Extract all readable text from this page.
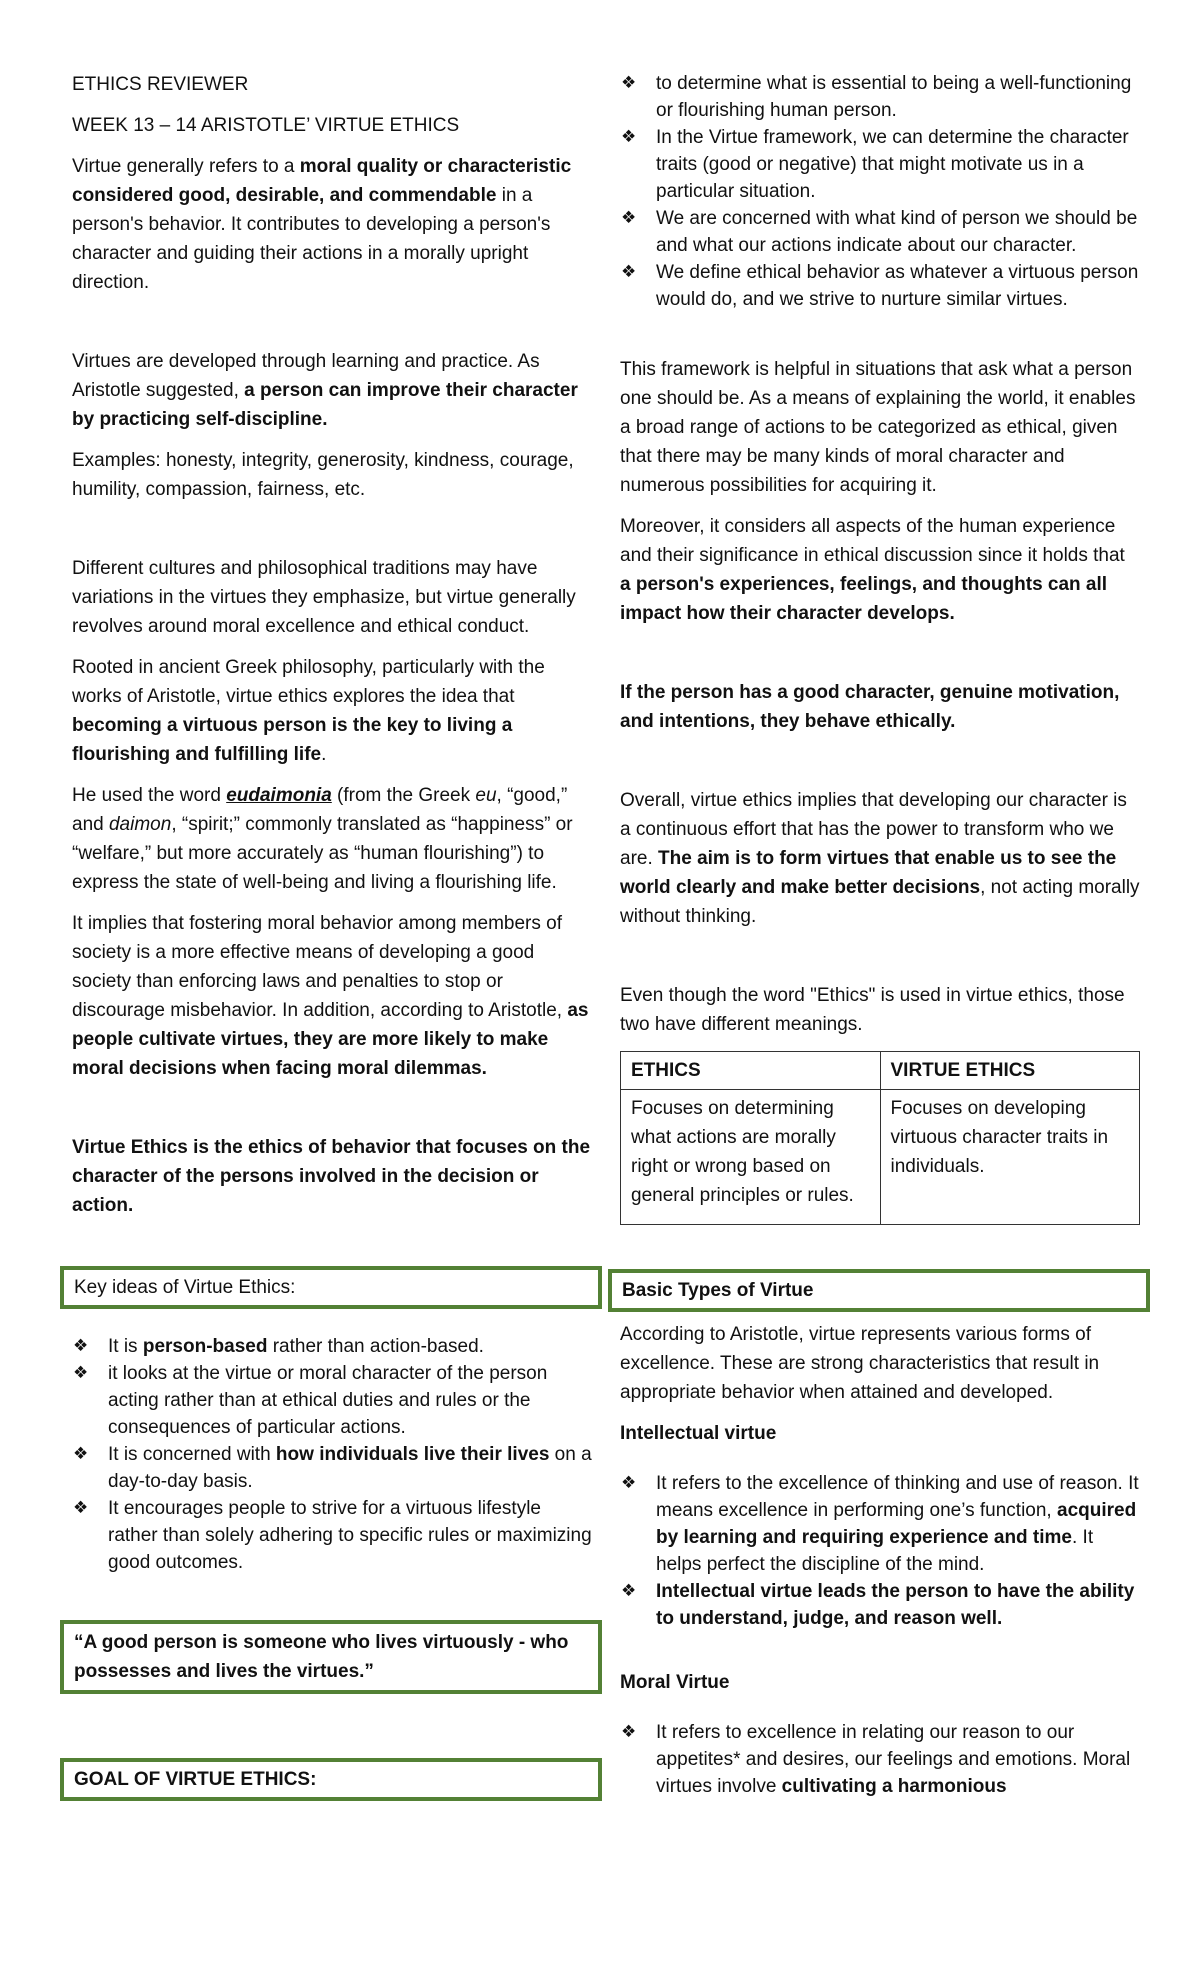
ETHICS REVIEWER

WEEK 13 – 14 ARISTOTLE’ VIRTUE ETHICS

Virtue generally refers to a moral quality or characteristic considered good, desirable, and commendable in a person's behavior. It contributes to developing a person's character and guiding their actions in a morally upright direction.

Virtues are developed through learning and practice. As Aristotle suggested, a person can improve their character by practicing self-discipline.

Examples: honesty, integrity, generosity, kindness, courage, humility, compassion, fairness, etc.

Different cultures and philosophical traditions may have variations in the virtues they emphasize, but virtue generally revolves around moral excellence and ethical conduct.

Rooted in ancient Greek philosophy, particularly with the works of Aristotle, virtue ethics explores the idea that becoming a virtuous person is the key to living a flourishing and fulfilling life.

He used the word eudaimonia (from the Greek eu, “good,” and daimon, “spirit;” commonly translated as “happiness” or “welfare,” but more accurately as “human flourishing”) to express the state of well-being and living a flourishing life.

It implies that fostering moral behavior among members of society is a more effective means of developing a good society than enforcing laws and penalties to stop or discourage misbehavior. In addition, according to Aristotle, as people cultivate virtues, they are more likely to make moral decisions when facing moral dilemmas.

Virtue Ethics is the ethics of behavior that focuses on the character of the persons involved in the decision or action.

Key ideas of Virtue Ethics:
❖ It is person-based rather than action-based.
❖ it looks at the virtue or moral character of the person acting rather than at ethical duties and rules or the consequences of particular actions.
❖ It is concerned with how individuals live their lives on a day-to-day basis.
❖ It encourages people to strive for a virtuous lifestyle rather than solely adhering to specific rules or maximizing good outcomes.
“A good person is someone who lives virtuously - who possesses and lives the virtues.”
GOAL OF VIRTUE ETHICS:
❖ to determine what is essential to being a well-functioning or flourishing human person.
❖ In the Virtue framework, we can determine the character traits (good or negative) that might motivate us in a particular situation.
❖ We are concerned with what kind of person we should be and what our actions indicate about our character.
❖ We define ethical behavior as whatever a virtuous person would do, and we strive to nurture similar virtues.

This framework is helpful in situations that ask what a person one should be. As a means of explaining the world, it enables a broad range of actions to be categorized as ethical, given that there may be many kinds of moral character and numerous possibilities for acquiring it.

Moreover, it considers all aspects of the human experience and their significance in ethical discussion since it holds that a person's experiences, feelings, and thoughts can all impact how their character develops.

If the person has a good character, genuine motivation, and intentions, they behave ethically.

Overall, virtue ethics implies that developing our character is a continuous effort that has the power to transform who we are. The aim is to form virtues that enable us to see the world clearly and make better decisions, not acting morally without thinking.

Even though the word "Ethics" is used in virtue ethics, those two have different meanings.

ETHICS	VIRTUE ETHICS
Focuses on determining what actions are morally right or wrong based on general principles or rules.	Focuses on developing virtuous character traits in individuals.
Basic Types of Virtue

According to Aristotle, virtue represents various forms of excellence. These are strong characteristics that result in appropriate behavior when attained and developed.

Intellectual virtue

❖ It refers to the excellence of thinking and use of reason. It means excellence in performing one’s function, acquired by learning and requiring experience and time. It helps perfect the discipline of the mind.
❖ Intellectual virtue leads the person to have the ability to understand, judge, and reason well.

Moral Virtue

❖ It refers to excellence in relating our reason to our appetites* and desires, our feelings and emotions. Moral virtues involve cultivating a harmonious
